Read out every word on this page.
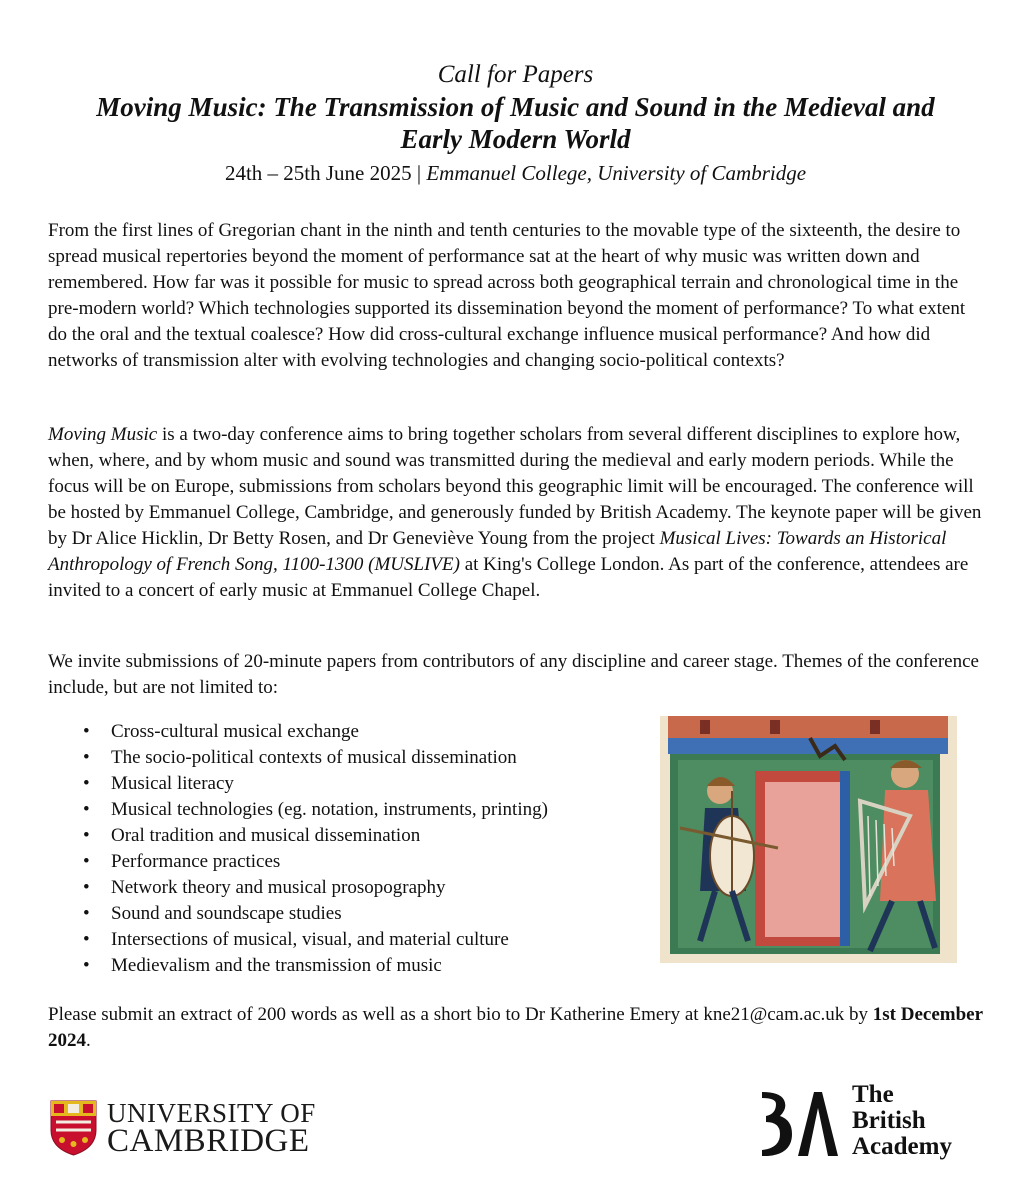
Call for Papers
Moving Music: The Transmission of Music and Sound in the Medieval and
Early Modern World
24th – 25th June 2025 | Emmanuel College, University of Cambridge
From the first lines of Gregorian chant in the ninth and tenth centuries to the movable type of the sixteenth, the desire to spread musical repertories beyond the moment of performance sat at the heart of why music was written down and remembered. How far was it possible for music to spread across both geographical terrain and chronological time in the pre-modern world? Which technologies supported its dissemination beyond the moment of performance? To what extent do the oral and the textual coalesce? How did cross-cultural exchange influence musical performance? And how did networks of transmission alter with evolving technologies and changing socio-political contexts?
Moving Music is a two-day conference aims to bring together scholars from several different disciplines to explore how, when, where, and by whom music and sound was transmitted during the medieval and early modern periods. While the focus will be on Europe, submissions from scholars beyond this geographic limit will be encouraged. The conference will be hosted by Emmanuel College, Cambridge, and generously funded by British Academy. The keynote paper will be given by Dr Alice Hicklin, Dr Betty Rosen, and Dr Geneviève Young from the project Musical Lives: Towards an Historical Anthropology of French Song, 1100-1300 (MUSLIVE) at King's College London. As part of the conference, attendees are invited to a concert of early music at Emmanuel College Chapel.
We invite submissions of 20-minute papers from contributors of any discipline and career stage. Themes of the conference include, but are not limited to:
• Cross-cultural musical exchange
• The socio-political contexts of musical dissemination
• Musical literacy
• Musical technologies (eg. notation, instruments, printing)
• Oral tradition and musical dissemination
• Performance practices
• Network theory and musical prosopography
• Sound and soundscape studies
• Intersections of musical, visual, and material culture
• Medievalism and the transmission of music
Please submit an extract of 200 words as well as a short bio to Dr Katherine Emery at kne21@cam.ac.uk by 1st December 2024.
UNIVERSITY OF
CAMBRIDGE
The
British
Academy
